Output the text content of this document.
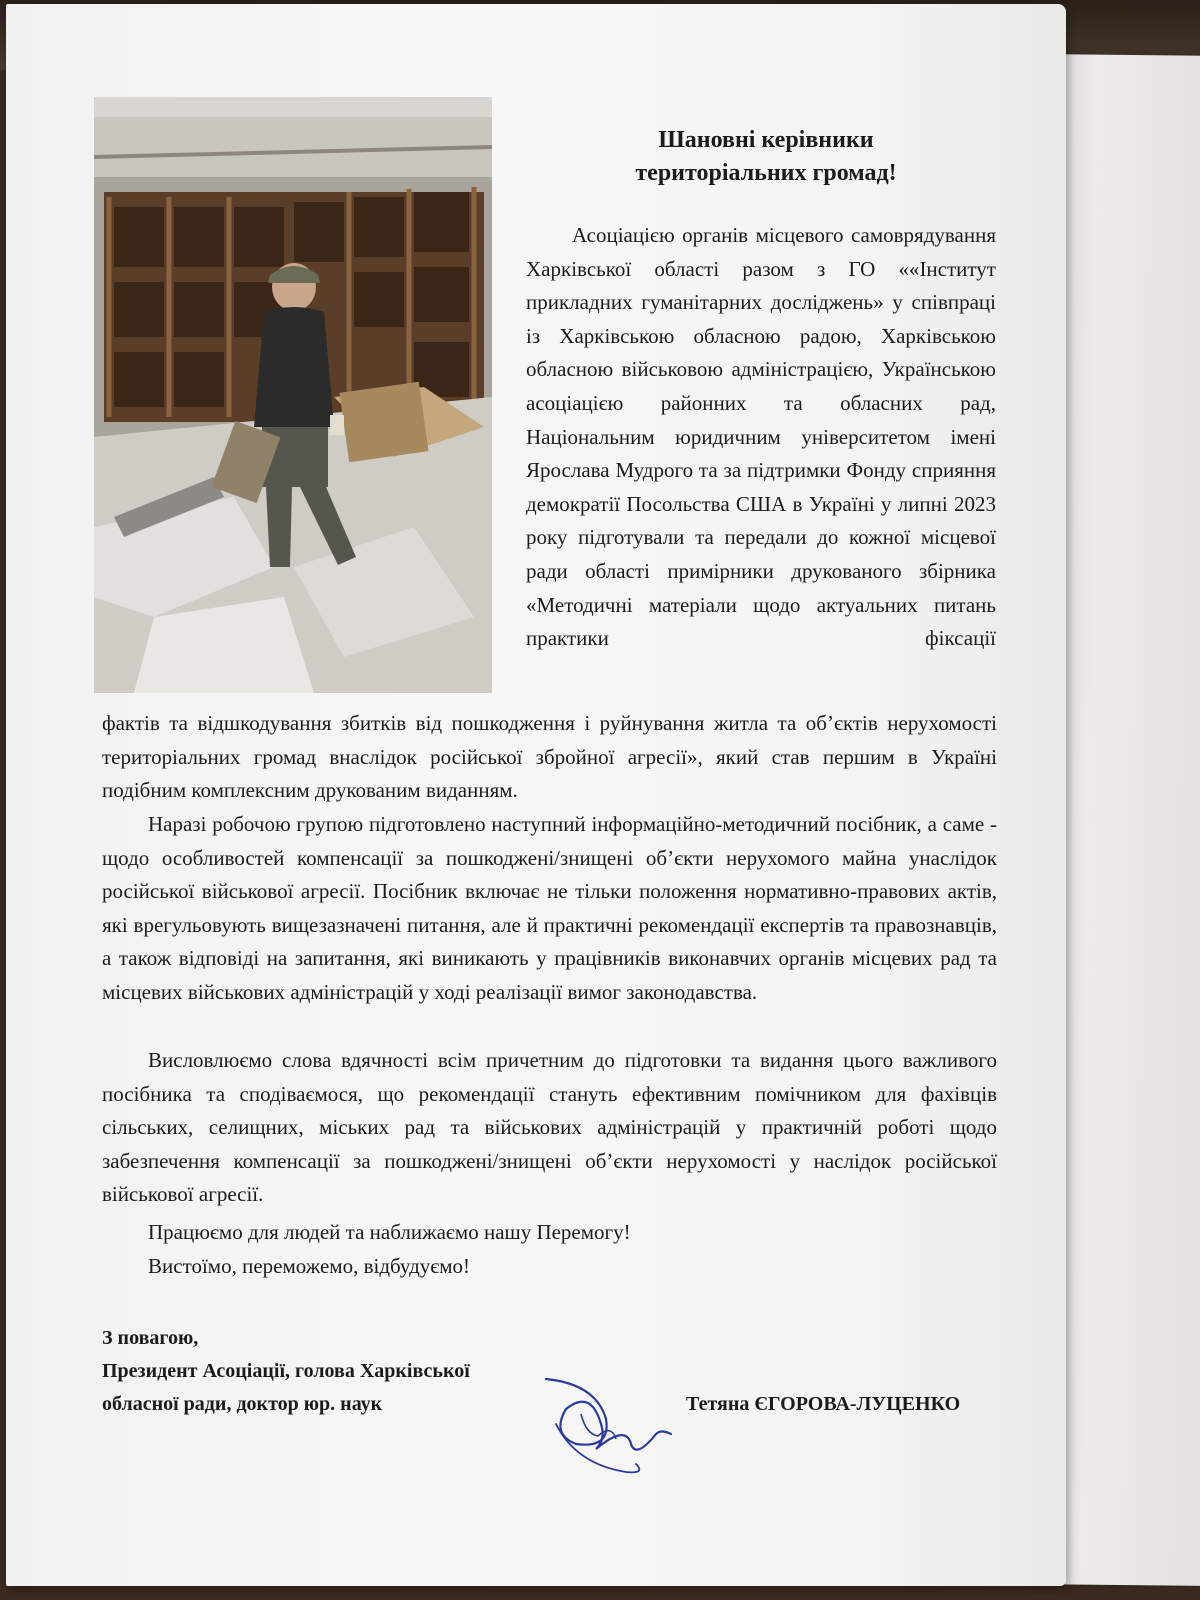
Шановні керівники
територіальних громад!

Асоціацією органів місцевого самоврядування Харківської області разом з ГО ««Інститут прикладних гуманітарних досліджень» у співпраці із Харківською обласною радою, Харківською обласною військовою адміністрацією, Українською асоціацією районних та обласних рад, Національним юридичним університетом імені Ярослава Мудрого та за підтримки Фонду сприяння демократії Посольства США в Україні у липні 2023 року підготували та передали до кожної місцевої ради області примірники друкованого збірника «Методичні матеріали щодо актуальних питань практики фіксації

фактів та відшкодування збитків від пошкодження і руйнування житла та об’єктів нерухомості територіальних громад внаслідок російської збройної агресії», який став першим в Україні подібним комплексним друкованим виданням.

Наразі робочою групою підготовлено наступний інформаційно-методичний посібник, а саме - щодо особливостей компенсації за пошкоджені/знищені об’єкти нерухомого майна унаслідок російської військової агресії. Посібник включає не тільки положення нормативно-правових актів, які врегульовують вищезазначені питання, але й практичні рекомендації експертів та правознавців, а також відповіді на запитання, які виникають у працівників виконавчих органів місцевих рад та місцевих військових адміністрацій у ході реалізації вимог законодавства.

Висловлюємо слова вдячності всім причетним до підготовки та видання цього важливого посібника та сподіваємося, що рекомендації стануть ефективним помічником для фахівців сільських, селищних, міських рад та військових адміністрацій у практичній роботі щодо забезпечення компенсації за пошкоджені/знищені об’єкти нерухомості у наслідок російської військової агресії.

Працюємо для людей та наближаємо нашу Перемогу!

Вистоїмо, переможемо, відбудуємо!

З повагою,

Президент Асоціації, голова Харківської

обласної ради, доктор юр. наук	Тетяна ЄГОРОВА-ЛУЦЕНКО
